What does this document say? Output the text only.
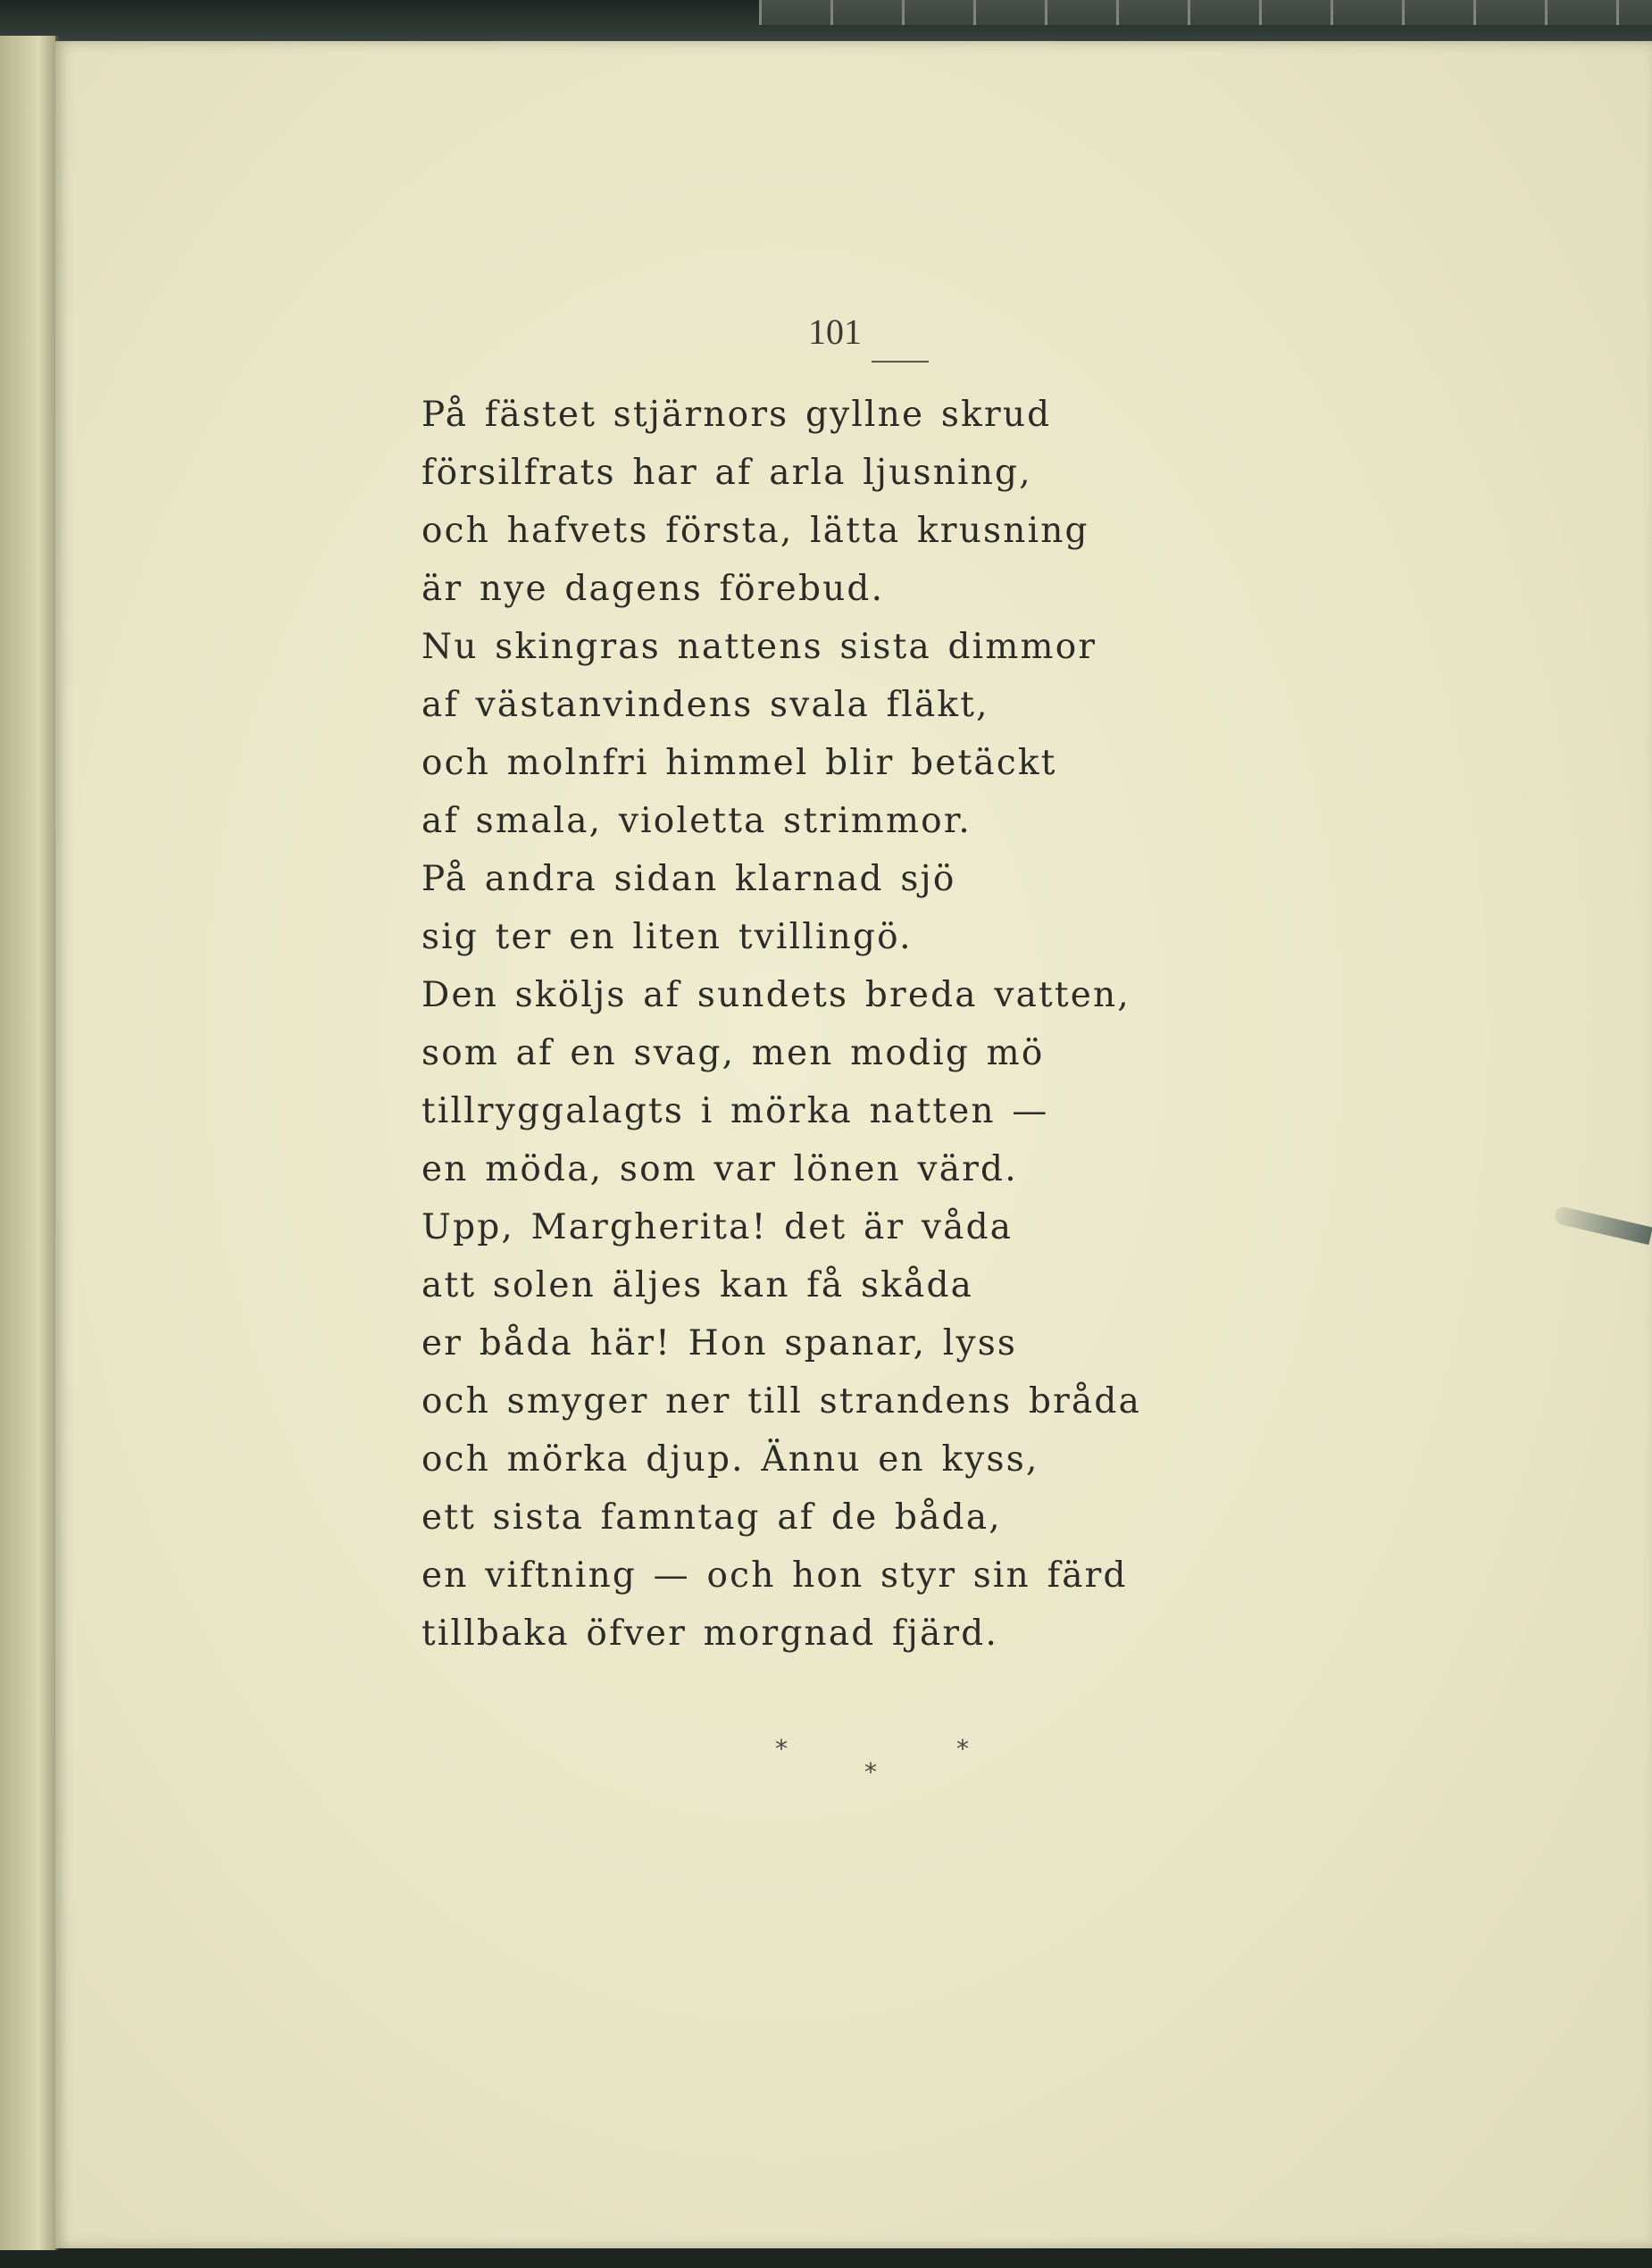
101
På fästet stjärnors gyllne skrud
försilfrats har af arla ljusning,
och hafvets första, lätta krusning
är nye dagens förebud.
Nu skingras nattens sista dimmor
af västanvindens svala fläkt,
och molnfri himmel blir betäckt
af smala, violetta strimmor.
På andra sidan klarnad sjö
sig ter en liten tvillingö.
Den sköljs af sundets breda vatten,
som af en svag, men modig mö
tillryggalagts i mörka natten —
en möda, som var lönen värd.
Upp, Margherita! det är våda
att solen äljes kan få skåda
er båda här! Hon spanar, lyss
och smyger ner till strandens bråda
och mörka djup. Ännu en kyss,
ett sista famntag af de båda,
en viftning — och hon styr sin färd
tillbaka öfver morgnad fjärd.
*
*
*
